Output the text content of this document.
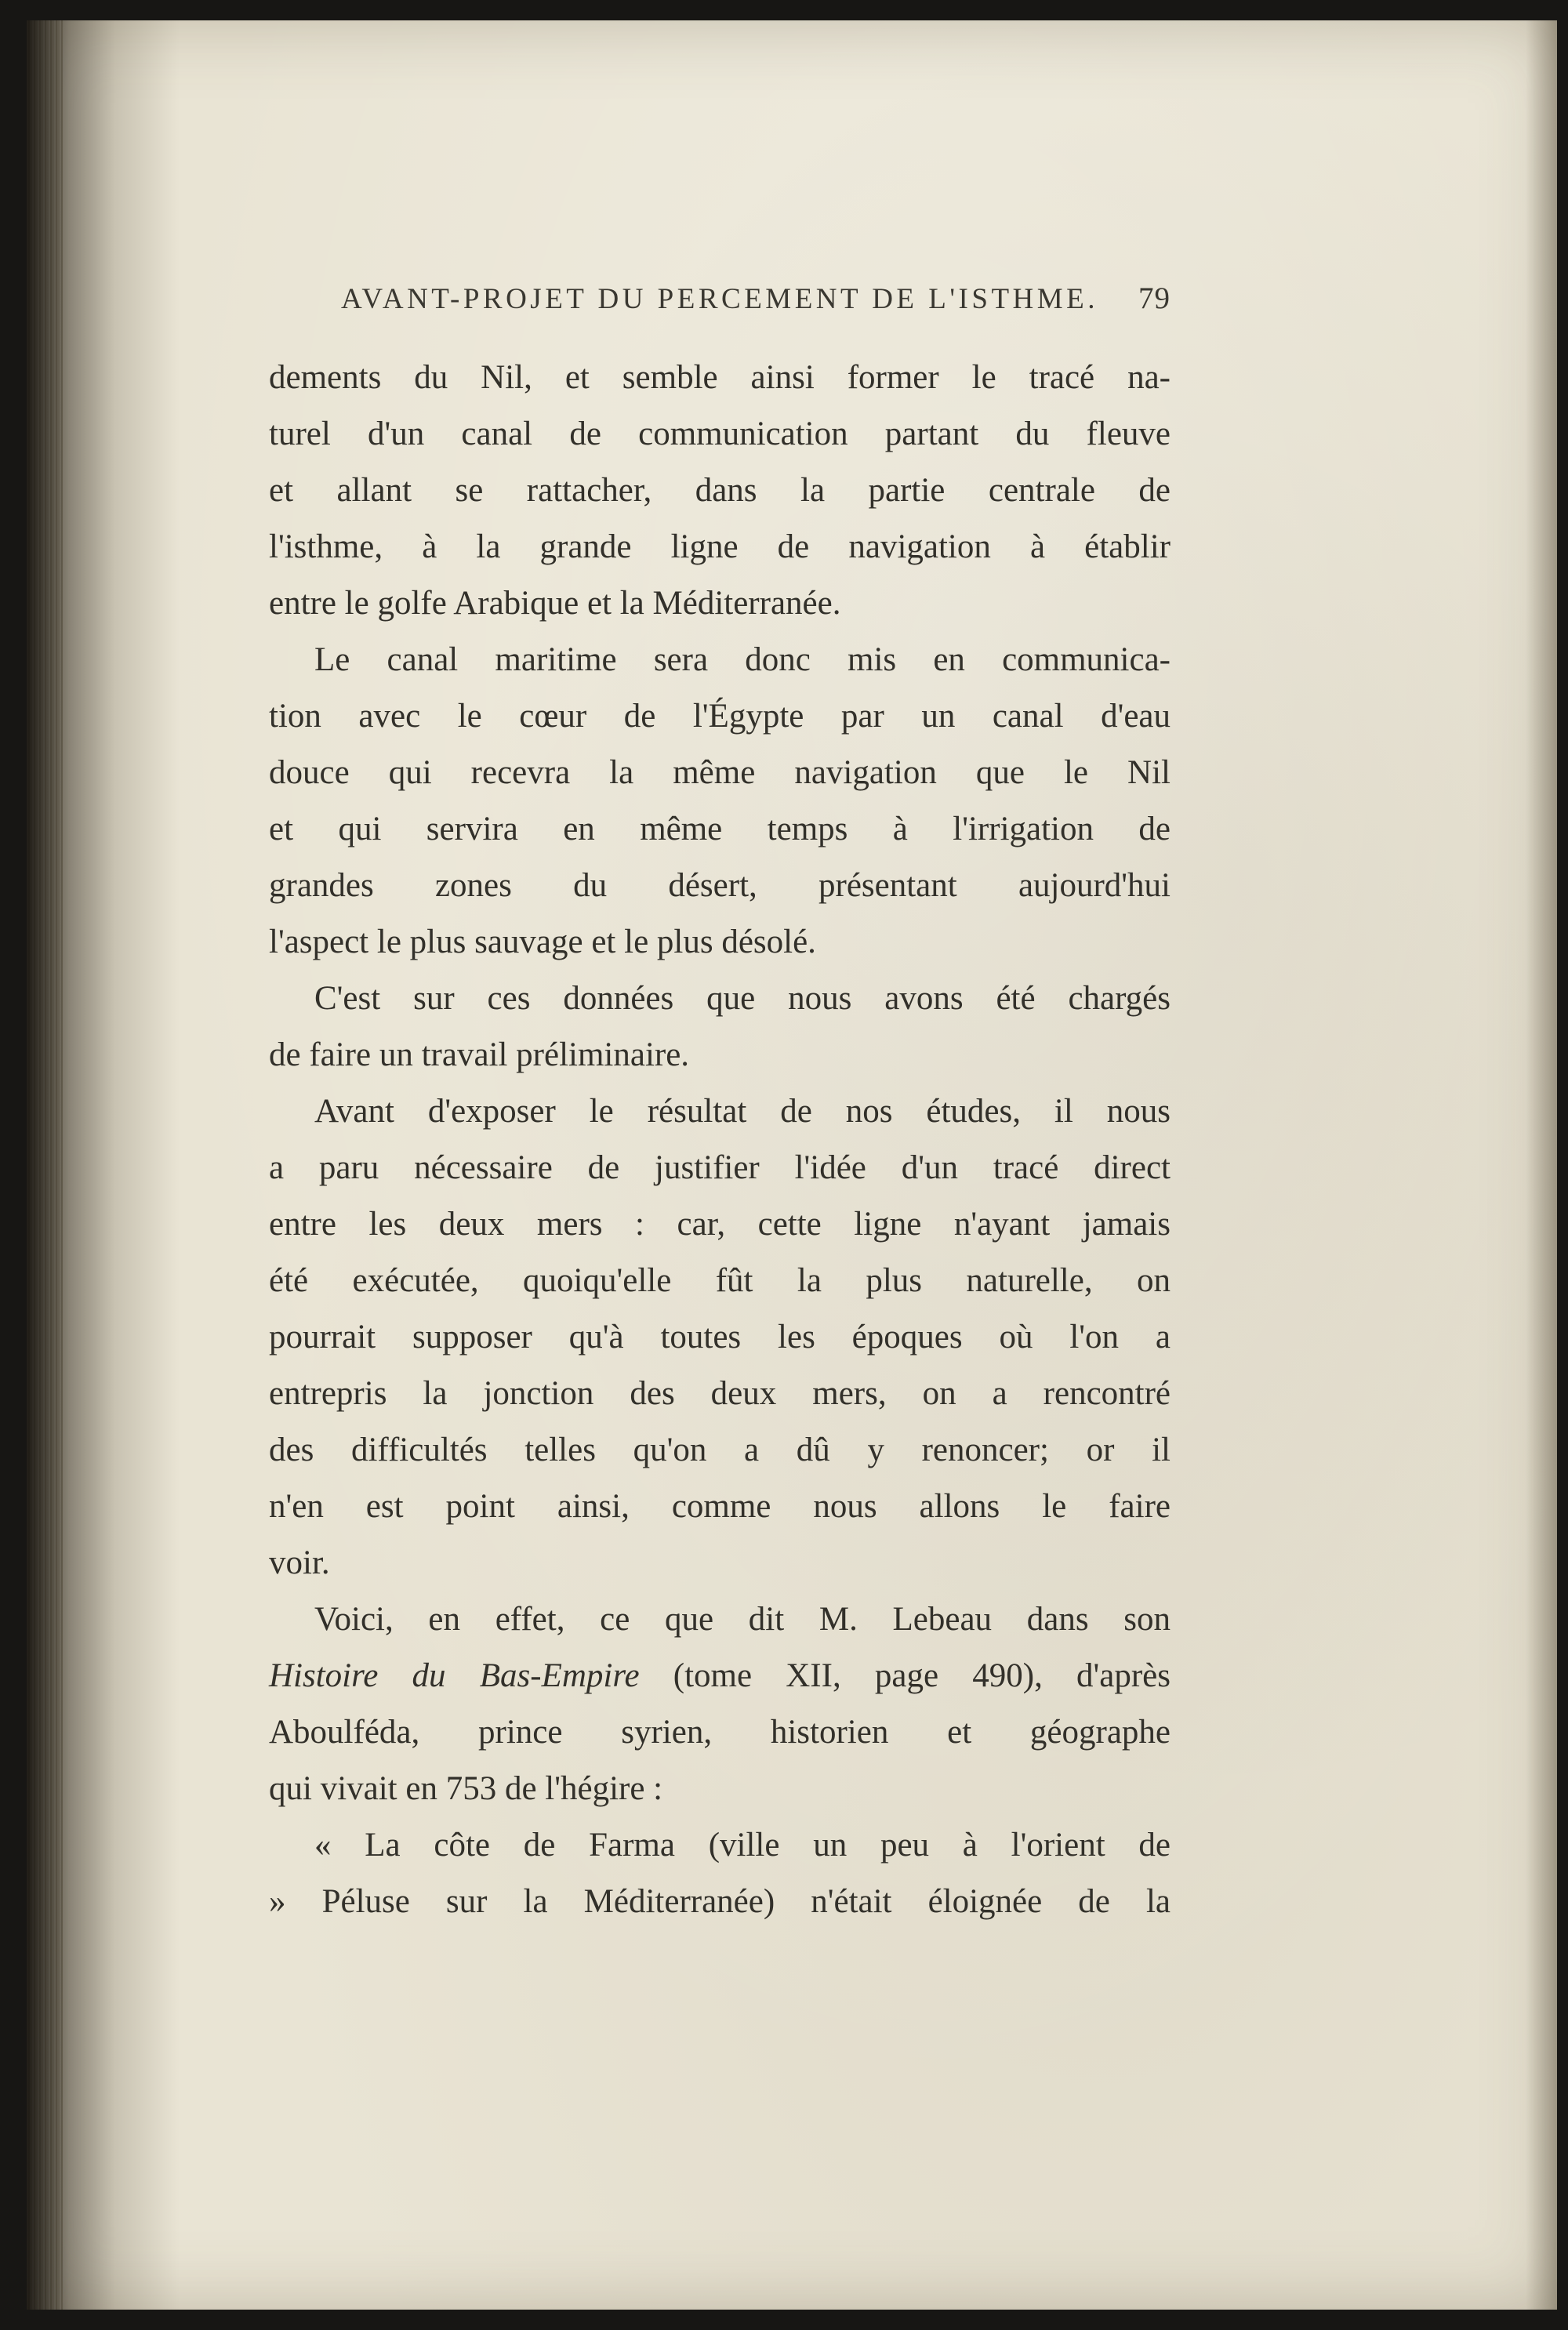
AVANT-PROJET DU PERCEMENT DE L'ISTHME.	79
dements du Nil, et semble ainsi former le tracé na-
turel d'un canal de communication partant du fleuve
et allant se rattacher, dans la partie centrale de
l'isthme, à la grande ligne de navigation à établir
entre le golfe Arabique et la Méditerranée.
Le canal maritime sera donc mis en communica-
tion avec le cœur de l'Égypte par un canal d'eau
douce qui recevra la même navigation que le Nil
et qui servira en même temps à l'irrigation de
grandes zones du désert, présentant aujourd'hui
l'aspect le plus sauvage et le plus désolé.
C'est sur ces données que nous avons été chargés
de faire un travail préliminaire.
Avant d'exposer le résultat de nos études, il nous
a paru nécessaire de justifier l'idée d'un tracé direct
entre les deux mers : car, cette ligne n'ayant jamais
été exécutée, quoiqu'elle fût la plus naturelle, on
pourrait supposer qu'à toutes les époques où l'on a
entrepris la jonction des deux mers, on a rencontré
des difficultés telles qu'on a dû y renoncer; or il
n'en est point ainsi, comme nous allons le faire
voir.
Voici, en effet, ce que dit M. Lebeau dans son
Histoire du Bas-Empire (tome XII, page 490), d'après
Aboulféda, prince syrien, historien et géographe
qui vivait en 753 de l'hégire :
« La côte de Farma (ville un peu à l'orient de
» Péluse sur la Méditerranée) n'était éloignée de la
